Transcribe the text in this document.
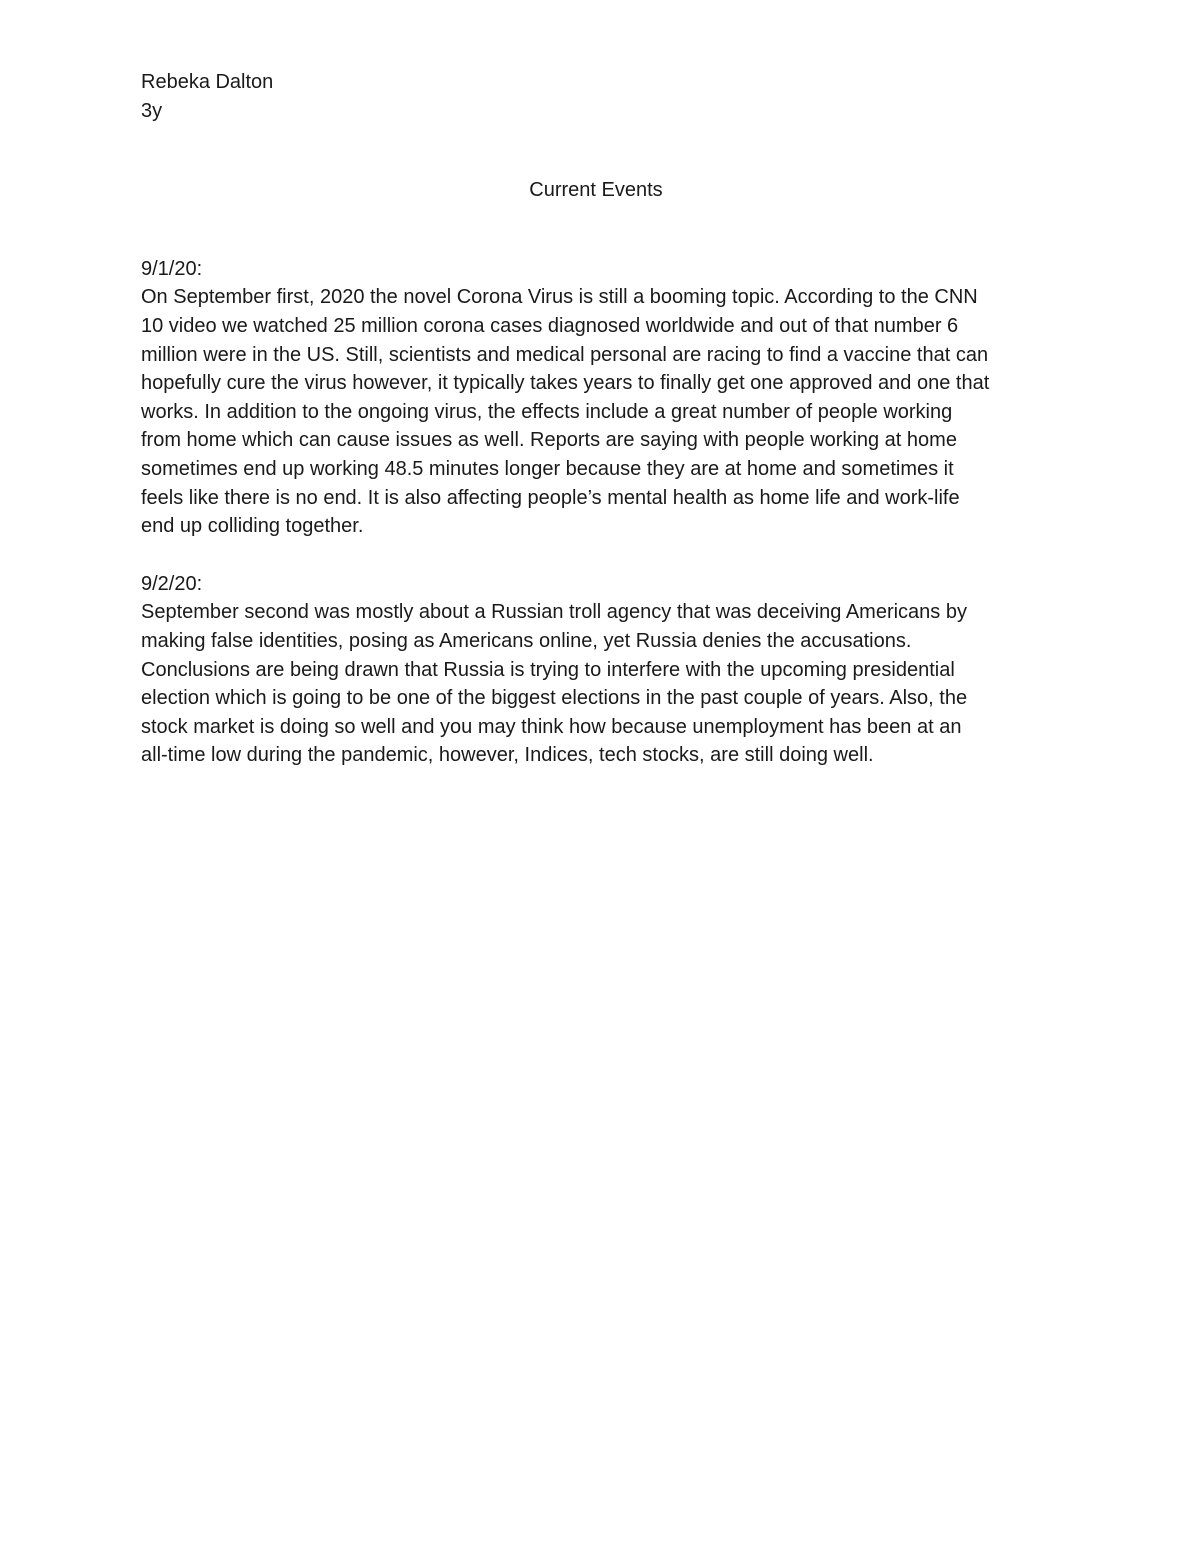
Rebeka Dalton
3y
Current Events
9/1/20:
On September first, 2020 the novel Corona Virus is still a booming topic. According to the CNN
10 video we watched 25 million corona cases diagnosed worldwide and out of that number 6
million were in the US. Still, scientists and medical personal are racing to find a vaccine that can
hopefully cure the virus however, it typically takes years to finally get one approved and one that
works. In addition to the ongoing virus, the effects include a great number of people working
from home which can cause issues as well. Reports are saying with people working at home
sometimes end up working 48.5 minutes longer because they are at home and sometimes it
feels like there is no end. It is also affecting people’s mental health as home life and work-life
end up colliding together.
9/2/20:
September second was mostly about a Russian troll agency that was deceiving Americans by
making false identities, posing as Americans online, yet Russia denies the accusations.
Conclusions are being drawn that Russia is trying to interfere with the upcoming presidential
election which is going to be one of the biggest elections in the past couple of years. Also, the
stock market is doing so well and you may think how because unemployment has been at an
all-time low during the pandemic, however, Indices, tech stocks, are still doing well.
